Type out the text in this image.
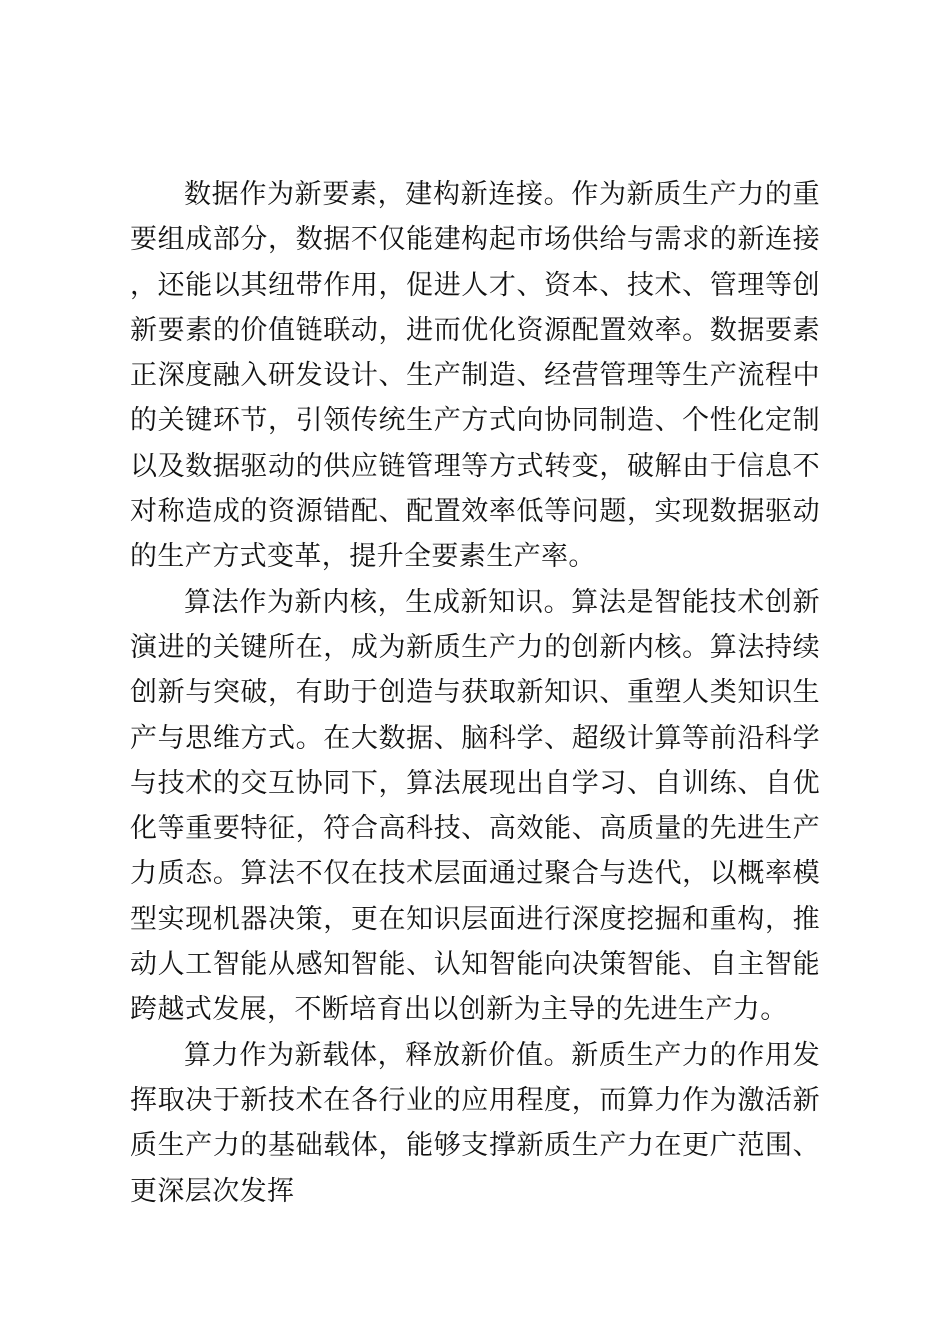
数据作为新要素，建构新连接。作为新质生产力的重要组成部分，数据不仅能建构起市场供给与需求的新连接，还能以其纽带作用，促进人才、资本、技术、管理等创新要素的价值链联动，进而优化资源配置效率。数据要素正深度融入研发设计、生产制造、经营管理等生产流程中的关键环节，引领传统生产方式向协同制造、个性化定制以及数据驱动的供应链管理等方式转变，破解由于信息不对称造成的资源错配、配置效率低等问题，实现数据驱动的生产方式变革，提升全要素生产率。

算法作为新内核，生成新知识。算法是智能技术创新演进的关键所在，成为新质生产力的创新内核。算法持续创新与突破，有助于创造与获取新知识、重塑人类知识生产与思维方式。在大数据、脑科学、超级计算等前沿科学与技术的交互协同下，算法展现出自学习、自训练、自优化等重要特征，符合高科技、高效能、高质量的先进生产力质态。算法不仅在技术层面通过聚合与迭代，以概率模型实现机器决策，更在知识层面进行深度挖掘和重构，推动人工智能从感知智能、认知智能向决策智能、自主智能跨越式发展，不断培育出以创新为主导的先进生产力。

算力作为新载体，释放新价值。新质生产力的作用发挥取决于新技术在各行业的应用程度，而算力作为激活新质生产力的基础载体，能够支撑新质生产力在更广范围、更深层次发挥
